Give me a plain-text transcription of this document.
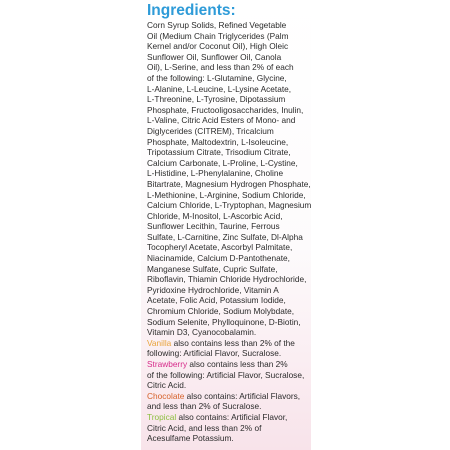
Ingredients:
Corn Syrup Solids, Refined Vegetable
Oil (Medium Chain Triglycerides (Palm
Kernel and/or Coconut Oil), High Oleic
Sunflower Oil, Sunflower Oil, Canola
Oil), L-Serine, and less than 2% of each
of the following: L-Glutamine, Glycine,
L-Alanine, L-Leucine, L-Lysine Acetate,
L-Threonine, L-Tyrosine, Dipotassium
Phosphate, Fructooligosaccharides, Inulin,
L-Valine, Citric Acid Esters of Mono- and
Diglycerides (CITREM), Tricalcium
Phosphate, Maltodextrin, L-Isoleucine,
Tripotassium Citrate, Trisodium Citrate,
Calcium Carbonate, L-Proline, L-Cystine,
L-Histidine, L-Phenylalanine, Choline
Bitartrate, Magnesium Hydrogen Phosphate,
L-Methionine, L-Arginine, Sodium Chloride,
Calcium Chloride, L-Tryptophan, Magnesium
Chloride, M-Inositol, L-Ascorbic Acid,
Sunflower Lecithin, Taurine, Ferrous
Sulfate, L-Carnitine, Zinc Sulfate, Dl-Alpha
Tocopheryl Acetate, Ascorbyl Palmitate,
Niacinamide, Calcium D-Pantothenate,
Manganese Sulfate, Cupric Sulfate,
Riboflavin, Thiamin Chloride Hydrochloride,
Pyridoxine Hydrochloride, Vitamin A
Acetate, Folic Acid, Potassium Iodide,
Chromium Chloride, Sodium Molybdate,
Sodium Selenite, Phylloquinone, D-Biotin,
Vitamin D3, Cyanocobalamin.
Vanilla also contains less than 2% of the
following: Artificial Flavor, Sucralose.
Strawberry also contains less than 2%
of the following: Artificial Flavor, Sucralose,
Citric Acid.
Chocolate also contains: Artificial Flavors,
and less than 2% of Sucralose.
Tropical also contains: Artificial Flavor,
Citric Acid, and less than 2% of
Acesulfame Potassium.
